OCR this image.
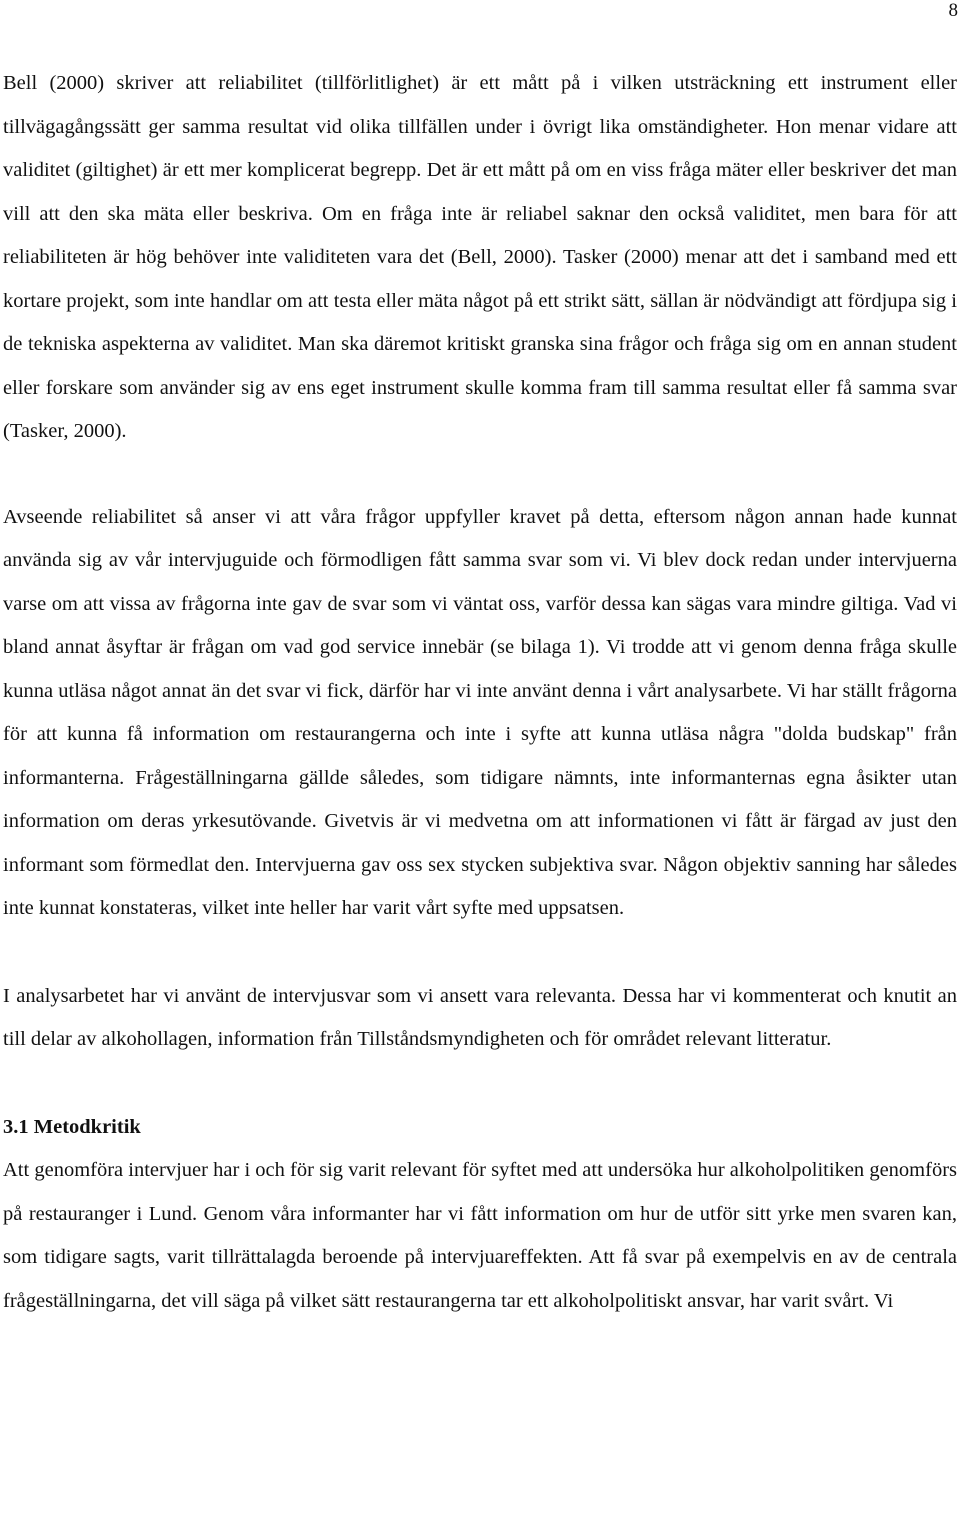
8

Bell (2000) skriver att reliabilitet (tillförlitlighet) är ett mått på i vilken utsträckning ett instrument eller tillvägagångssätt ger samma resultat vid olika tillfällen under i övrigt lika omständigheter. Hon menar vidare att validitet (giltighet) är ett mer komplicerat begrepp. Det är ett mått på om en viss fråga mäter eller beskriver det man vill att den ska mäta eller beskriva. Om en fråga inte är reliabel saknar den också validitet, men bara för att reliabiliteten är hög behöver inte validiteten vara det (Bell, 2000). Tasker (2000) menar att det i samband med ett kortare projekt, som inte handlar om att testa eller mäta något på ett strikt sätt, sällan är nödvändigt att fördjupa sig i de tekniska aspekterna av validitet. Man ska däremot kritiskt granska sina frågor och fråga sig om en annan student eller forskare som använder sig av ens eget instrument skulle komma fram till samma resultat eller få samma svar (Tasker, 2000).

Avseende reliabilitet så anser vi att våra frågor uppfyller kravet på detta, eftersom någon annan hade kunnat använda sig av vår intervjuguide och förmodligen fått samma svar som vi. Vi blev dock redan under intervjuerna varse om att vissa av frågorna inte gav de svar som vi väntat oss, varför dessa kan sägas vara mindre giltiga. Vad vi bland annat åsyftar är frågan om vad god service innebär (se bilaga 1). Vi trodde att vi genom denna fråga skulle kunna utläsa något annat än det svar vi fick, därför har vi inte använt denna i vårt analysarbete. Vi har ställt frågorna för att kunna få information om restaurangerna och inte i syfte att kunna utläsa några "dolda budskap" från informanterna. Frågeställningarna gällde således, som tidigare nämnts, inte informanternas egna åsikter utan information om deras yrkesutövande. Givetvis är vi medvetna om att informationen vi fått är färgad av just den informant som förmedlat den. Intervjuerna gav oss sex stycken subjektiva svar. Någon objektiv sanning har således inte kunnat konstateras, vilket inte heller har varit vårt syfte med uppsatsen.

I analysarbetet har vi använt de intervjusvar som vi ansett vara relevanta. Dessa har vi kommenterat och knutit an till delar av alkohollagen, information från Tillståndsmyndigheten och för området relevant litteratur.

3.1 Metodkritik

Att genomföra intervjuer har i och för sig varit relevant för syftet med att undersöka hur alkoholpolitiken genomförs på restauranger i Lund. Genom våra informanter har vi fått information om hur de utför sitt yrke men svaren kan, som tidigare sagts, varit tillrättalagda beroende på intervjuareffekten. Att få svar på exempelvis en av de centrala frågeställningarna, det vill säga på vilket sätt restaurangerna tar ett alkoholpolitiskt ansvar, har varit svårt. Vi
